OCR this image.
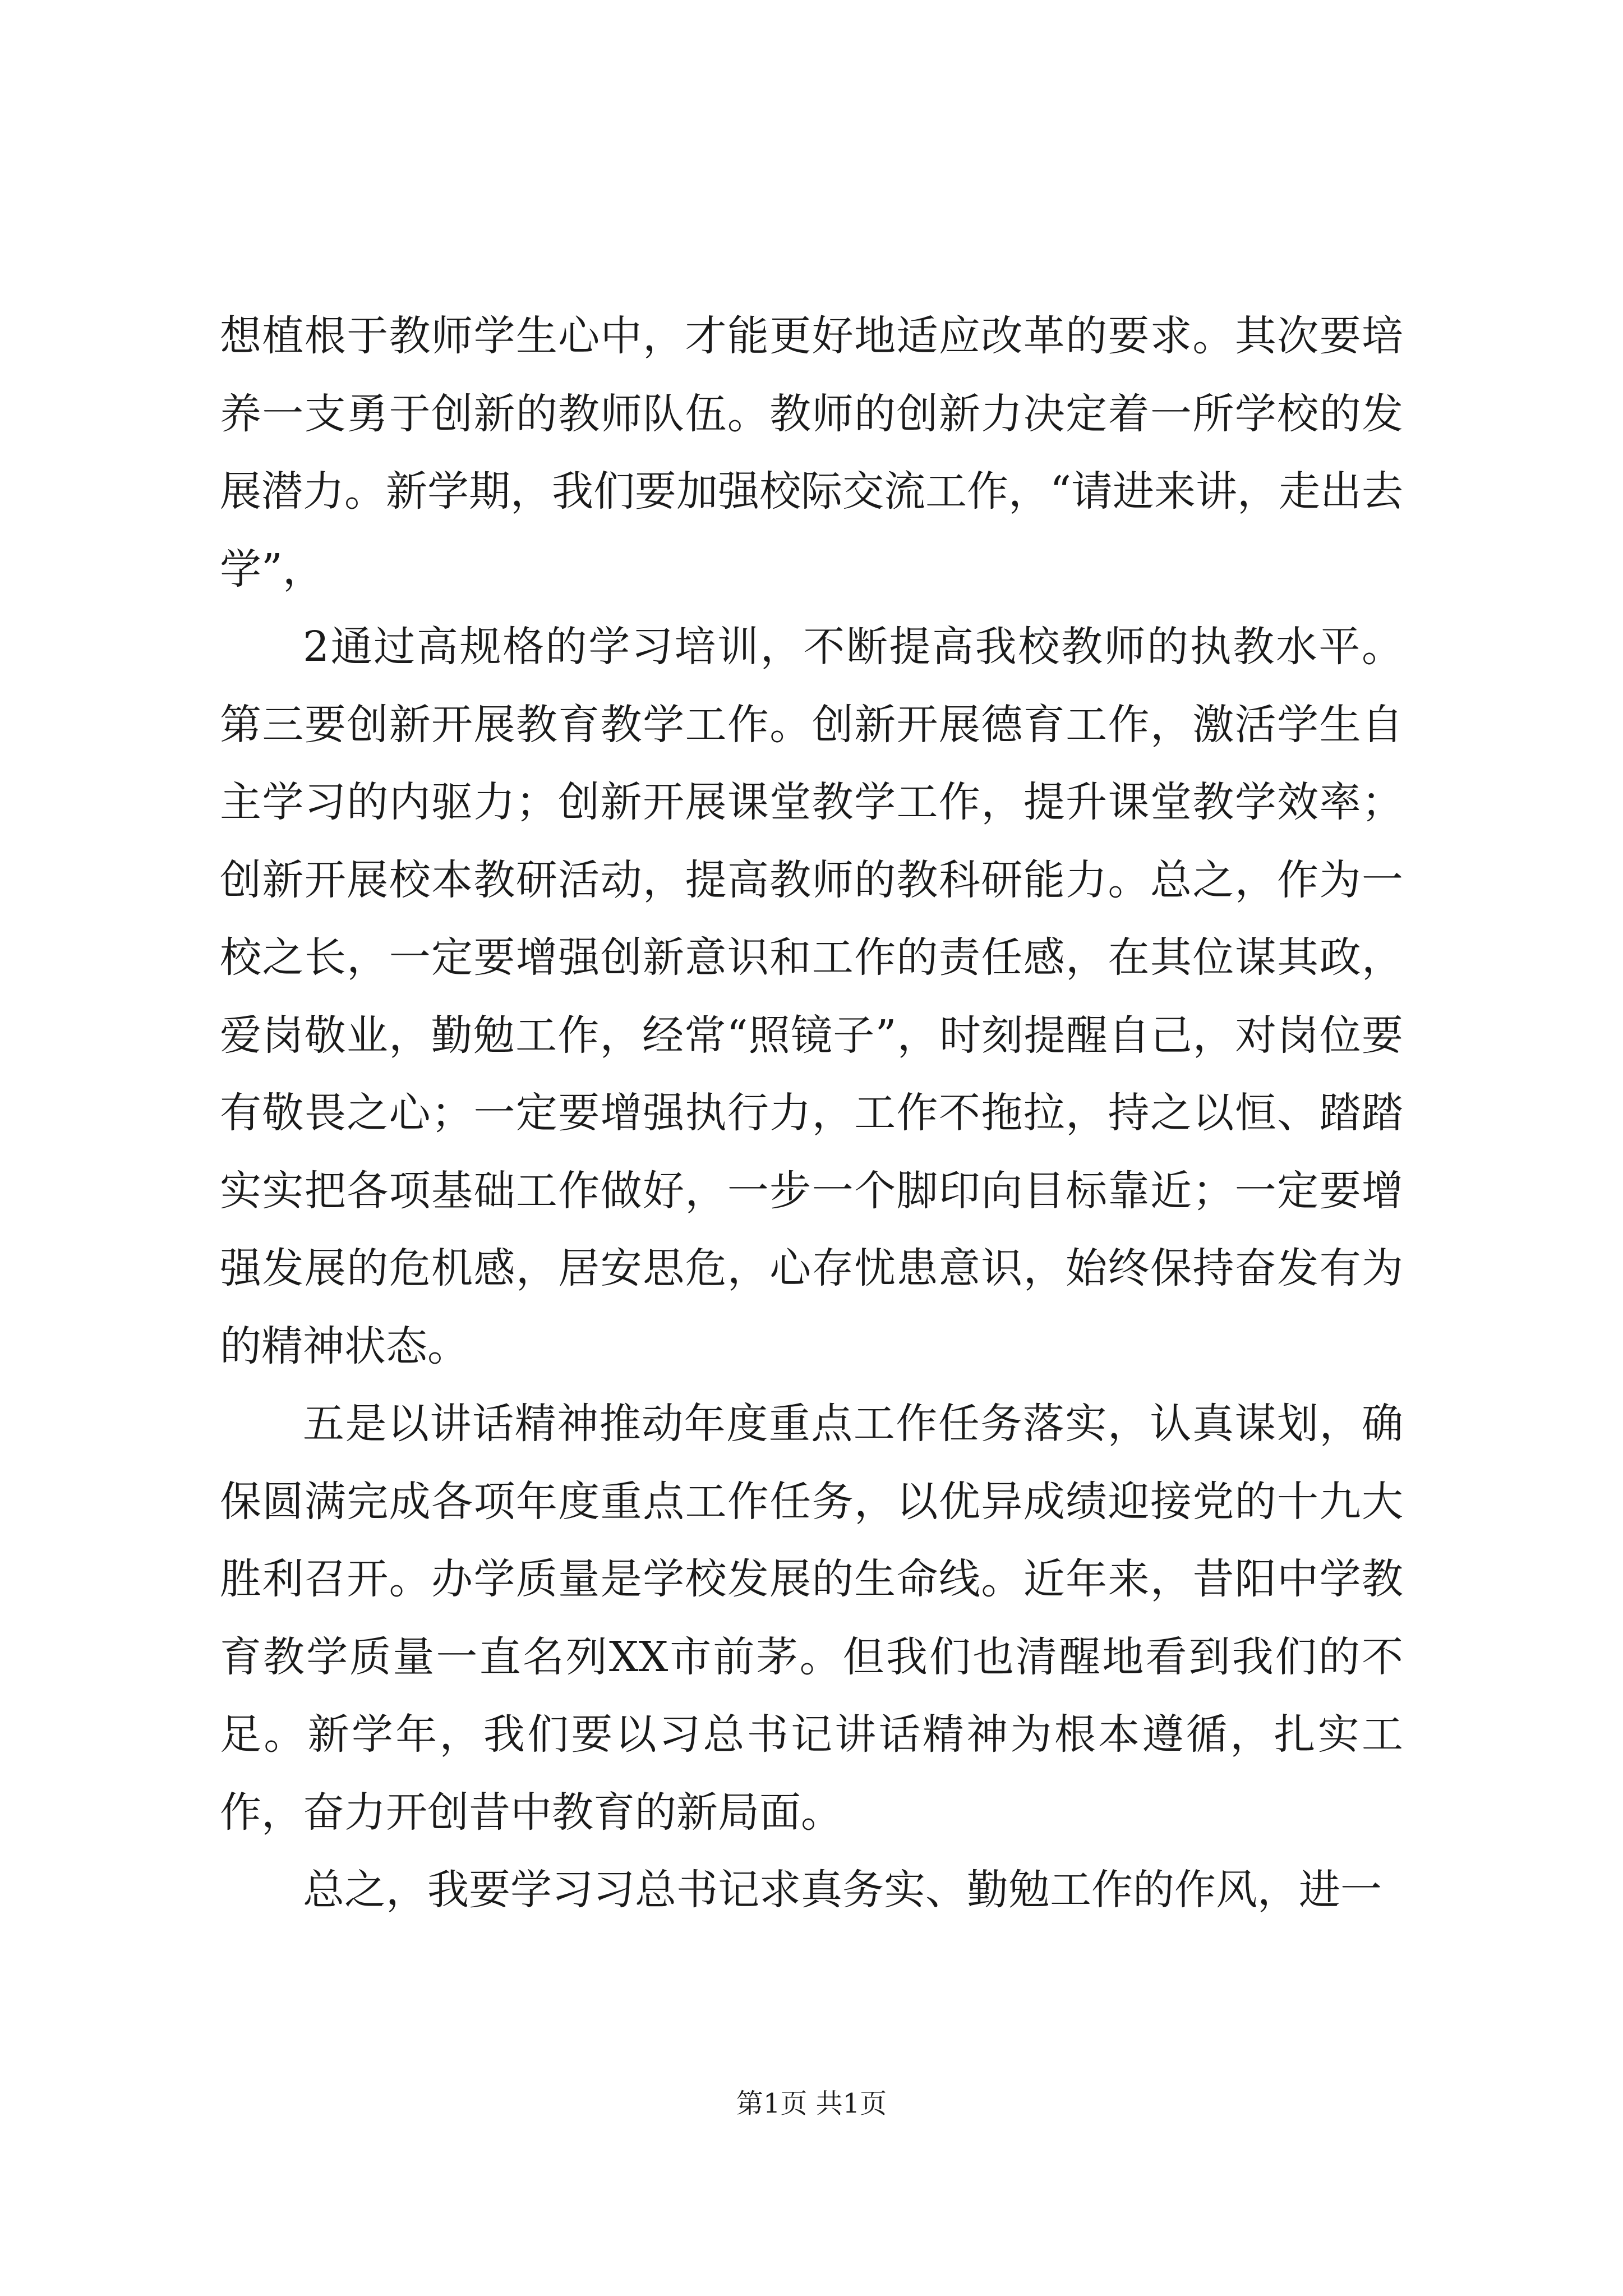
想植根于教师学生心中，才能更好地适应改革的要求。其次要培养一支勇于创新的教师队伍。教师的创新力决定着一所学校的发展潜力。新学期，我们要加强校际交流工作，“请进来讲，走出去学”，

2通过高规格的学习培训，不断提高我校教师的执教水平。第三要创新开展教育教学工作。创新开展德育工作，激活学生自主学习的内驱力；创新开展课堂教学工作，提升课堂教学效率；创新开展校本教研活动，提高教师的教科研能力。总之，作为一校之长，一定要增强创新意识和工作的责任感，在其位谋其政，爱岗敬业，勤勉工作，经常“照镜子”，时刻提醒自己，对岗位要有敬畏之心；一定要增强执行力，工作不拖拉，持之以恒、踏踏实实把各项基础工作做好，一步一个脚印向目标靠近；一定要增强发展的危机感，居安思危，心存忧患意识，始终保持奋发有为的精神状态。

五是以讲话精神推动年度重点工作任务落实，认真谋划，确保圆满完成各项年度重点工作任务，以优异成绩迎接党的十九大胜利召开。办学质量是学校发展的生命线。近年来，昔阳中学教育教学质量一直名列XX市前茅。但我们也清醒地看到我们的不足。新学年，我们要以习总书记讲话精神为根本遵循，扎实工作，奋力开创昔中教育的新局面。

总之，我要学习习总书记求真务实、勤勉工作的作风，进一

第1页 共1页
